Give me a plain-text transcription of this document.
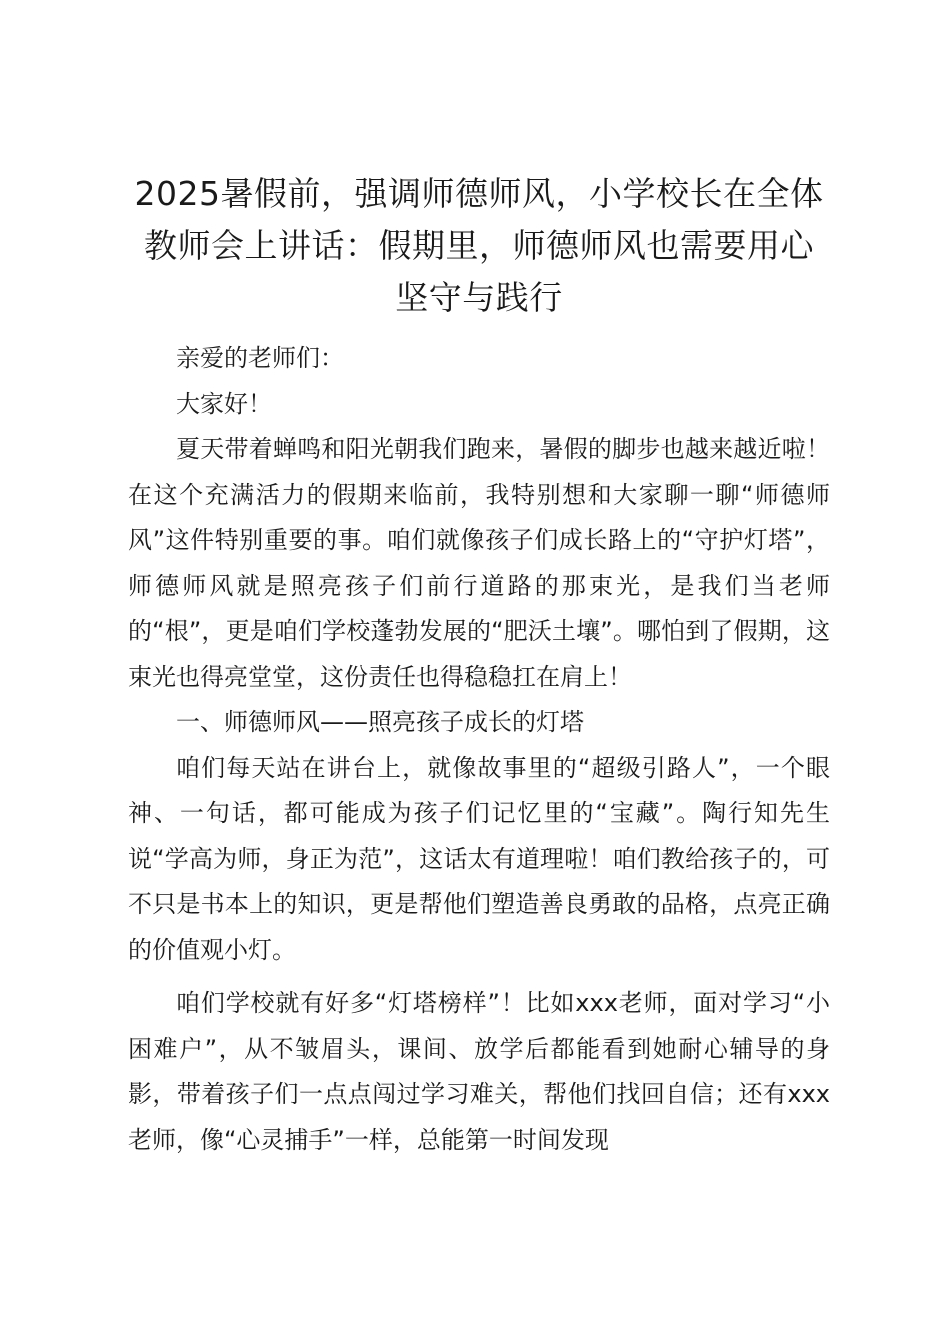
2025暑假前，强调师德师风，小学校长在全体教师会上讲话：假期里，师德师风也需要用心坚守与践行

亲爱的老师们：

大家好！

夏天带着蝉鸣和阳光朝我们跑来，暑假的脚步也越来越近啦！在这个充满活力的假期来临前，我特别想和大家聊一聊“师德师风”这件特别重要的事。咱们就像孩子们成长路上的“守护灯塔”，师德师风就是照亮孩子们前行道路的那束光，是我们当老师的“根”，更是咱们学校蓬勃发展的“肥沃土壤”。哪怕到了假期，这束光也得亮堂堂，这份责任也得稳稳扛在肩上！

一、师德师风——照亮孩子成长的灯塔

咱们每天站在讲台上，就像故事里的“超级引路人”，一个眼神、一句话，都可能成为孩子们记忆里的“宝藏”。陶行知先生说“学高为师，身正为范”，这话太有道理啦！咱们教给孩子的，可不只是书本上的知识，更是帮他们塑造善良勇敢的品格，点亮正确的价值观小灯。

咱们学校就有好多“灯塔榜样”！比如xxx老师，面对学习“小困难户”，从不皱眉头，课间、放学后都能看到她耐心辅导的身影，带着孩子们一点点闯过学习难关，帮他们找回自信；还有xxx老师，像“心灵捕手”一样，总能第一时间发现
